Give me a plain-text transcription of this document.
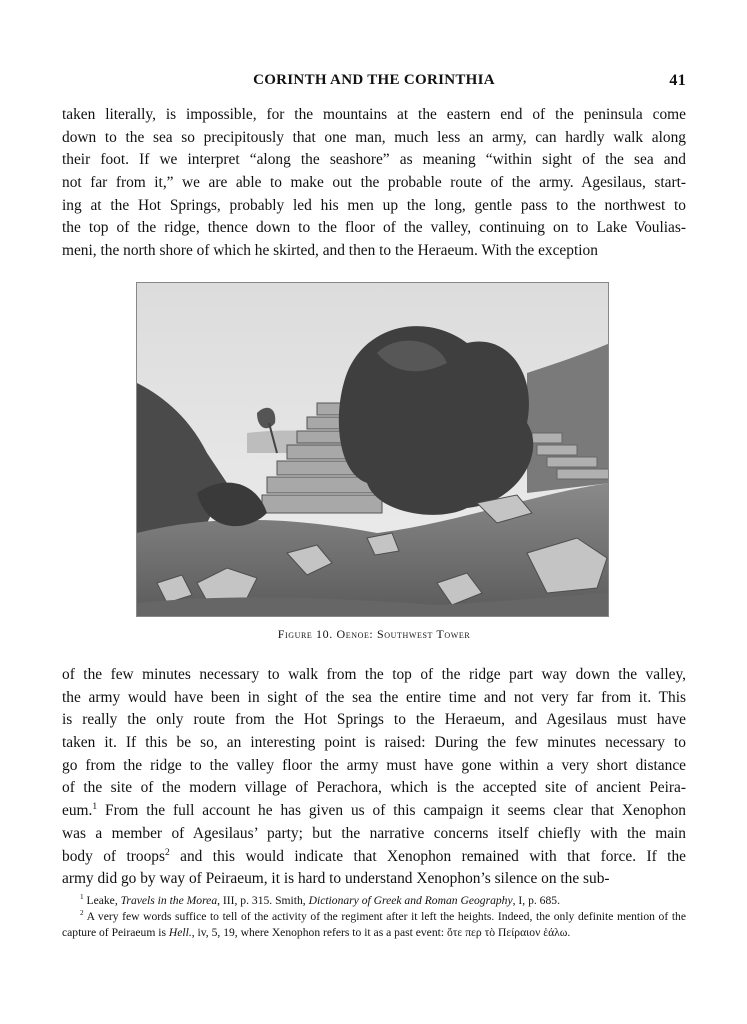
CORINTH AND THE CORINTHIA	41
taken literally, is impossible, for the mountains at the eastern end of the peninsula come
down to the sea so precipitously that one man, much less an army, can hardly walk along
their foot. If we interpret “along the seashore” as meaning “within sight of the sea and
not far from it,” we are able to make out the probable route of the army. Agesilaus, start-
ing at the Hot Springs, probably led his men up the long, gentle pass to the northwest to
the top of the ridge, thence down to the floor of the valley, continuing on to Lake Voulias-
meni, the north shore of which he skirted, and then to the Heraeum. With the exception
Figure 10. Oenoe: Southwest Tower
of the few minutes necessary to walk from the top of the ridge part way down the valley,
the army would have been in sight of the sea the entire time and not very far from it. This
is really the only route from the Hot Springs to the Heraeum, and Agesilaus must have
taken it. If this be so, an interesting point is raised: During the few minutes necessary to
go from the ridge to the valley floor the army must have gone within a very short distance
of the site of the modern village of Perachora, which is the accepted site of ancient Peira-
eum.$^1$ From the full account he has given us of this campaign it seems clear that Xenophon
was a member of Agesilaus’ party; but the narrative concerns itself chiefly with the main
body of troops$^2$ and this would indicate that Xenophon remained with that force. If the
army did go by way of Peiraeum, it is hard to understand Xenophon’s silence on the sub-
$^1$ Leake, Travels in the Morea, III, p. 315. Smith, Dictionary of Greek and Roman Geography, I, p. 685.
$^2$ A very few words suffice to tell of the activity of the regiment after it left the heights. Indeed, the only definite mention of the capture of Peiraeum is Hell., iv, 5, 19, where Xenophon refers to it as a past event: ὅτε περ τὸ Πείραιον ἑάλω.
